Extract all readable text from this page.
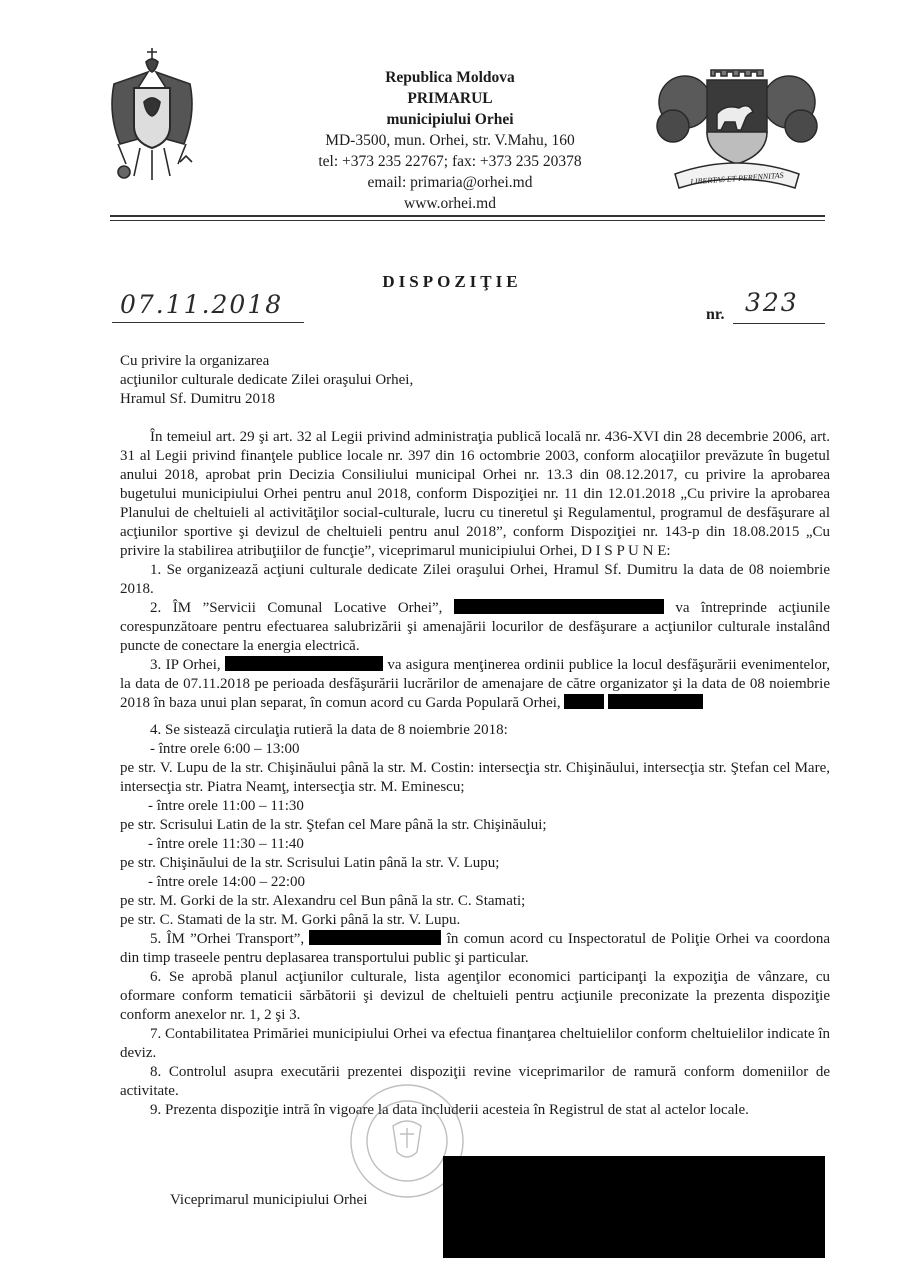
LIBERTAS ET PERENNITAS
Republica Moldova
PRIMARUL
municipiului Orhei
MD-3500, mun. Orhei, str. V.Mahu, 160
tel: +373 235 22767; fax: +373 235 20378
email: primaria@orhei.md
www.orhei.md
DISPOZIŢIE
07.11.2018	nr. 323
Cu privire la organizarea
acţiunilor culturale dedicate Zilei oraşului Orhei,
Hramul Sf. Dumitru 2018

În temeiul art. 29 şi art. 32 al Legii privind administraţia publică locală nr. 436-XVI din 28 decembrie 2006, art. 31 al Legii privind finanţele publice locale nr. 397 din 16 octombrie 2003, conform alocaţiilor prevăzute în bugetul anului 2018, aprobat prin Decizia Consiliului municipal Orhei nr. 13.3 din 08.12.2017, cu privire la aprobarea bugetului municipiului Orhei pentru anul 2018, conform Dispoziţiei nr. 11 din 12.01.2018 „Cu privire la aprobarea Planului de cheltuieli al activităţilor social-culturale, lucru cu tineretul şi Regulamentul, programul de desfăşurare al acţiunilor sportive şi devizul de cheltuieli pentru anul 2018”, conform Dispoziţiei nr. 143-p din 18.08.2015 „Cu privire la stabilirea atribuţiilor de funcţie”, viceprimarul municipiului Orhei, D I S P U N E:

1. Se organizează acţiuni culturale dedicate Zilei oraşului Orhei, Hramul Sf. Dumitru la data de 08 noiembrie 2018.

2. ÎM ”Servicii Comunal Locative Orhei”,	va întreprinde acţiunile corespunzătoare pentru efectuarea salubrizării şi amenajării locurilor de desfăşurare a acţiunilor culturale instalând puncte de conectare la energia electrică.

3. IP Orhei,	va asigura menţinerea ordinii publice la locul desfăşurării evenimentelor, la data de 07.11.2018 pe perioada desfăşurării lucrărilor de amenajare de către organizator şi la data de 08 noiembrie 2018 în baza unui plan separat, în comun acord cu Garda Populară Orhei,

4. Se sistează circulaţia rutieră la data de 8 noiembrie 2018:

- între orele 6:00 – 13:00

pe str. V. Lupu de la str. Chişinăului până la str. M. Costin: intersecţia str. Chişinăului, intersecţia str. Ştefan cel Mare, intersecţia str. Piatra Neamţ, intersecţia str. M. Eminescu;

- între orele 11:00 – 11:30

pe str. Scrisului Latin de la str. Ştefan cel Mare până la str. Chişinăului;

- între orele 11:30 – 11:40

pe str. Chişinăului de la str. Scrisului Latin până la str. V. Lupu;

- între orele 14:00 – 22:00

pe str. M. Gorki de la str. Alexandru cel Bun până la str. C. Stamati;

pe str. C. Stamati de la str. M. Gorki până la str. V. Lupu.

5. ÎM ”Orhei Transport”,	în comun acord cu Inspectoratul de Poliţie Orhei va coordona din timp traseele pentru deplasarea transportului public şi particular.

6. Se aprobă planul acţiunilor culturale, lista agenţilor economici participanţi la expoziţia de vânzare, cu oformare conform tematicii sărbătorii şi devizul de cheltuieli pentru acţiunile preconizate la prezenta dispoziţie conform anexelor nr. 1, 2 şi 3.

7. Contabilitatea Primăriei municipiului Orhei va efectua finanţarea cheltuielilor conform cheltuielilor indicate în deviz.

8. Controlul asupra executării prezentei dispoziţii revine viceprimarilor de ramură conform domeniilor de activitate.

9. Prezenta dispoziţie intră în vigoare la data includerii acesteia în Registrul de stat al actelor locale.

Viceprimarul municipiului Orhei
